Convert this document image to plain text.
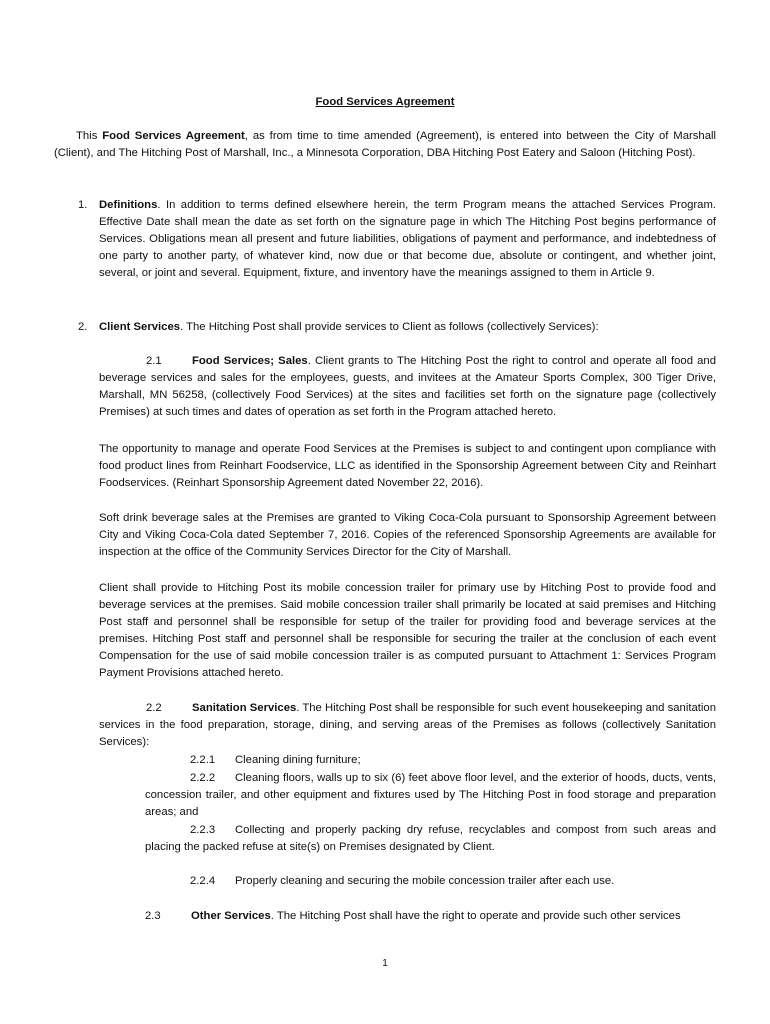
Food Services Agreement

This Food Services Agreement, as from time to time amended (Agreement), is entered into between the City of Marshall (Client), and The Hitching Post of Marshall, Inc., a Minnesota Corporation, DBA Hitching Post Eatery and Saloon (Hitching Post).

1. Definitions. In addition to terms defined elsewhere herein, the term Program means the attached Services Program. Effective Date shall mean the date as set forth on the signature page in which The Hitching Post begins performance of Services. Obligations mean all present and future liabilities, obligations of payment and performance, and indebtedness of one party to another party, of whatever kind, now due or that become due, absolute or contingent, and whether joint, several, or joint and several. Equipment, fixture, and inventory have the meanings assigned to them in Article 9.

2. Client Services. The Hitching Post shall provide services to Client as follows (collectively Services):

2.1	Food Services; Sales. Client grants to The Hitching Post the right to control and operate all food and beverage services and sales for the employees, guests, and invitees at the Amateur Sports Complex, 300 Tiger Drive, Marshall, MN 56258, (collectively Food Services) at the sites and facilities set forth on the signature page (collectively Premises) at such times and dates of operation as set forth in the Program attached hereto.

The opportunity to manage and operate Food Services at the Premises is subject to and contingent upon compliance with food product lines from Reinhart Foodservice, LLC as identified in the Sponsorship Agreement between City and Reinhart Foodservices. (Reinhart Sponsorship Agreement dated November 22, 2016).

Soft drink beverage sales at the Premises are granted to Viking Coca-Cola pursuant to Sponsorship Agreement between City and Viking Coca-Cola dated September 7, 2016. Copies of the referenced Sponsorship Agreements are available for inspection at the office of the Community Services Director for the City of Marshall.

Client shall provide to Hitching Post its mobile concession trailer for primary use by Hitching Post to provide food and beverage services at the premises. Said mobile concession trailer shall primarily be located at said premises and Hitching Post staff and personnel shall be responsible for setup of the trailer for providing food and beverage services at the premises. Hitching Post staff and personnel shall be responsible for securing the trailer at the conclusion of each event Compensation for the use of said mobile concession trailer is as computed pursuant to Attachment 1: Services Program Payment Provisions attached hereto.

2.2	Sanitation Services. The Hitching Post shall be responsible for such event housekeeping and sanitation services in the food preparation, storage, dining, and serving areas of the Premises as follows (collectively Sanitation Services):

2.2.1 Cleaning dining furniture;

2.2.2 Cleaning floors, walls up to six (6) feet above floor level, and the exterior of hoods, ducts, vents, concession trailer, and other equipment and fixtures used by The Hitching Post in food storage and preparation areas; and

2.2.3 Collecting and properly packing dry refuse, recyclables and compost from such areas and placing the packed refuse at site(s) on Premises designated by Client.

2.2.4 Properly cleaning and securing the mobile concession trailer after each use.

2.3	Other Services. The Hitching Post shall have the right to operate and provide such other services

1
